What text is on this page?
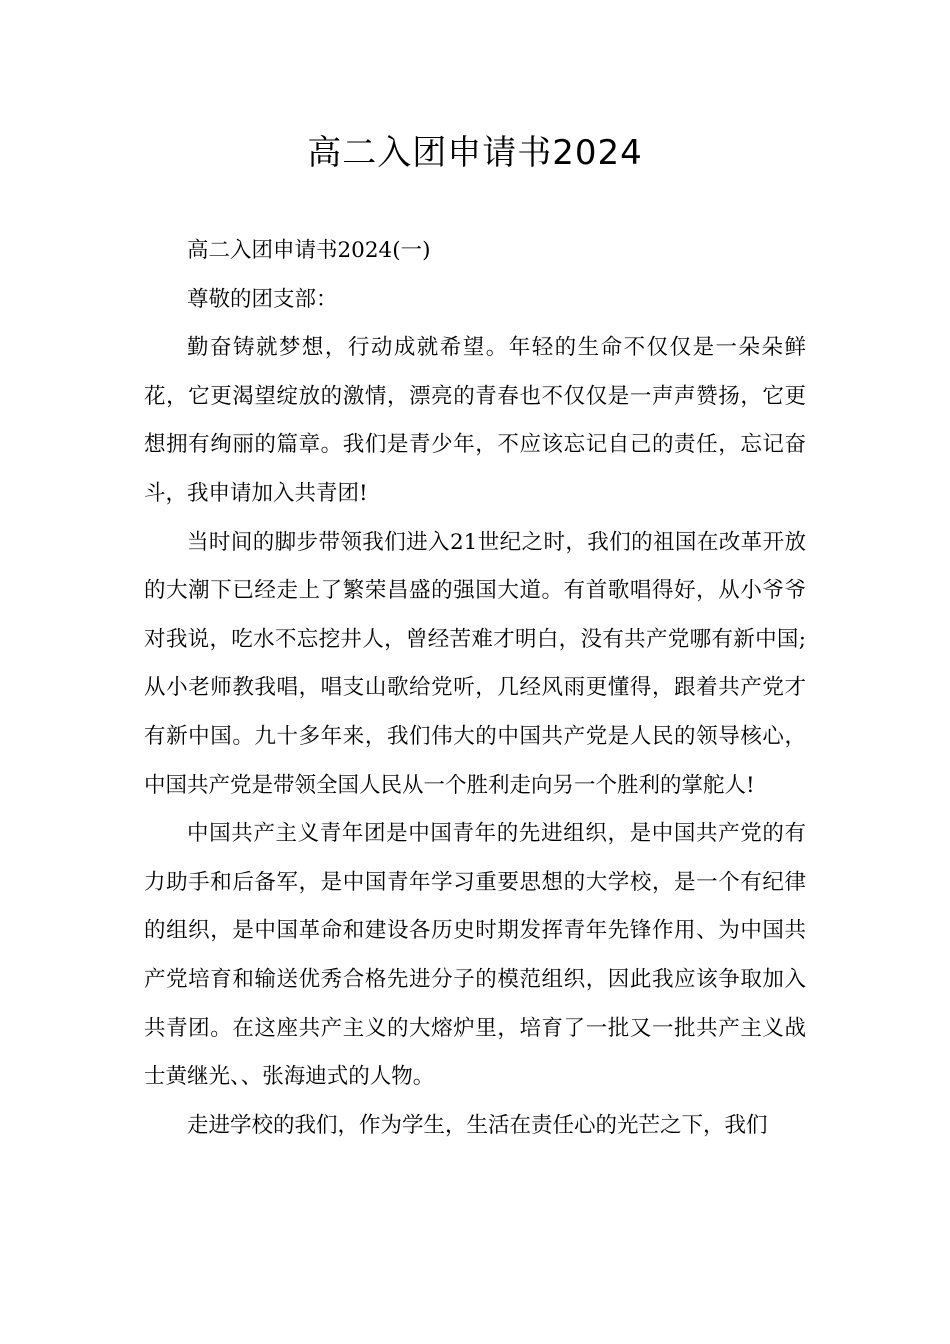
高二入团申请书2024

高二入团申请书2024(一)

尊敬的团支部：

勤奋铸就梦想，行动成就希望。年轻的生命不仅仅是一朵朵鲜花，它更渴望绽放的激情，漂亮的青春也不仅仅是一声声赞扬，它更想拥有绚丽的篇章。我们是青少年，不应该忘记自己的责任，忘记奋斗，我申请加入共青团!

当时间的脚步带领我们进入21世纪之时，我们的祖国在改革开放的大潮下已经走上了繁荣昌盛的强国大道。有首歌唱得好，从小爷爷对我说，吃水不忘挖井人，曾经苦难才明白，没有共产党哪有新中国;从小老师教我唱，唱支山歌给党听，几经风雨更懂得，跟着共产党才有新中国。九十多年来，我们伟大的中国共产党是人民的领导核心，中国共产党是带领全国人民从一个胜利走向另一个胜利的掌舵人!

中国共产主义青年团是中国青年的先进组织，是中国共产党的有力助手和后备军，是中国青年学习重要思想的大学校，是一个有纪律的组织，是中国革命和建设各历史时期发挥青年先锋作用、为中国共产党培育和输送优秀合格先进分子的模范组织，因此我应该争取加入共青团。在这座共产主义的大熔炉里，培育了一批又一批共产主义战士黄继光、、张海迪式的人物。

走进学校的我们，作为学生，生活在责任心的光芒之下，我们
